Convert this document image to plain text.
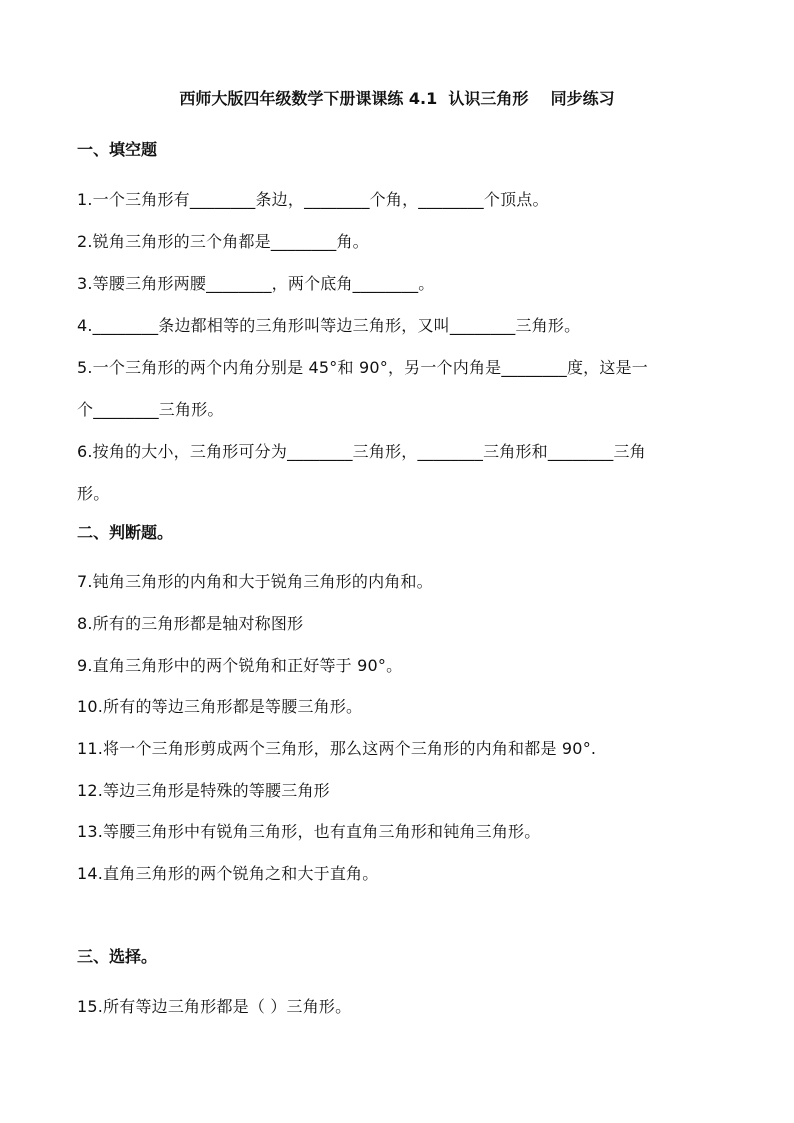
西师大版四年级数学下册课课练 4.1  认识三角形    同步练习
一、填空题
1.一个三角形有________条边，________个角，________个顶点。
2.锐角三角形的三个角都是________角。
3.等腰三角形两腰________，两个底角________。
4.________条边都相等的三角形叫等边三角形，又叫________三角形。
5.一个三角形的两个内角分别是 45°和 90°，另一个内角是________度，这是一
个________三角形。
6.按角的大小，三角形可分为________三角形，________三角形和________三角
形。
二、判断题。
7.钝角三角形的内角和大于锐角三角形的内角和。
8.所有的三角形都是轴对称图形
9.直角三角形中的两个锐角和正好等于 90°。
10.所有的等边三角形都是等腰三角形。
11.将一个三角形剪成两个三角形，那么这两个三角形的内角和都是 90°.
12.等边三角形是特殊的等腰三角形
13.等腰三角形中有锐角三角形，也有直角三角形和钝角三角形。
14.直角三角形的两个锐角之和大于直角。
三、选择。
15.所有等边三角形都是（ ）三角形。
